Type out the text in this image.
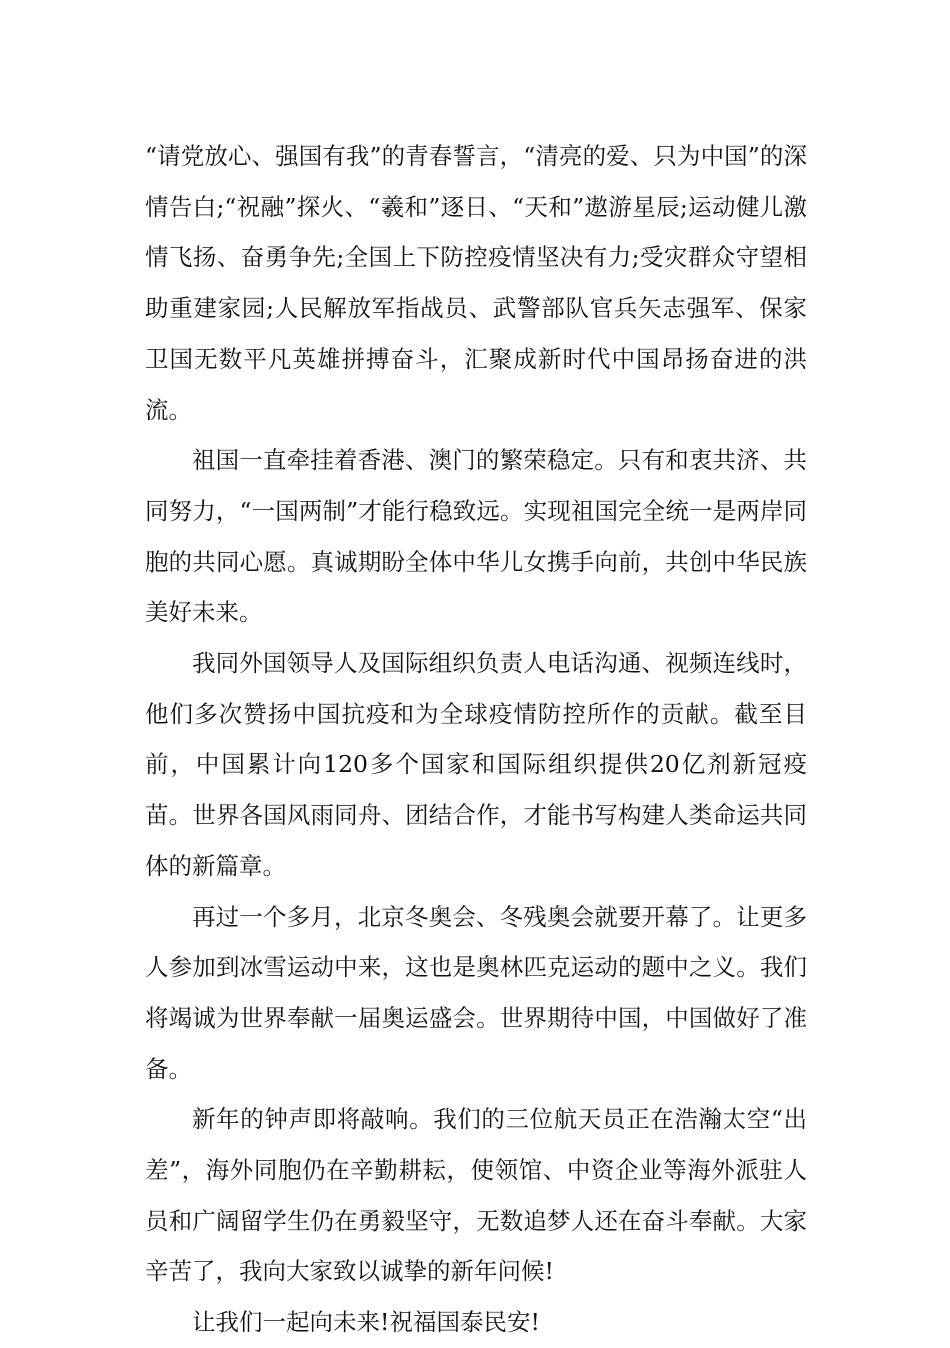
“请党放心、强国有我”的青春誓言，“清亮的爱、只为中国”的深情告白;“祝融”探火、“羲和”逐日、“天和”遨游星辰;运动健儿激情飞扬、奋勇争先;全国上下防控疫情坚决有力;受灾群众守望相助重建家园;人民解放军指战员、武警部队官兵矢志强军、保家卫国无数平凡英雄拼搏奋斗，汇聚成新时代中国昂扬奋进的洪流。

祖国一直牵挂着香港、澳门的繁荣稳定。只有和衷共济、共同努力，“一国两制”才能行稳致远。实现祖国完全统一是两岸同胞的共同心愿。真诚期盼全体中华儿女携手向前，共创中华民族美好未来。

我同外国领导人及国际组织负责人电话沟通、视频连线时，他们多次赞扬中国抗疫和为全球疫情防控所作的贡献。截至目前，中国累计向120多个国家和国际组织提供20亿剂新冠疫苗。世界各国风雨同舟、团结合作，才能书写构建人类命运共同体的新篇章。

再过一个多月，北京冬奥会、冬残奥会就要开幕了。让更多人参加到冰雪运动中来，这也是奥林匹克运动的题中之义。我们将竭诚为世界奉献一届奥运盛会。世界期待中国，中国做好了准备。

新年的钟声即将敲响。我们的三位航天员正在浩瀚太空“出差”，海外同胞仍在辛勤耕耘，使领馆、中资企业等海外派驻人员和广阔留学生仍在勇毅坚守，无数追梦人还在奋斗奉献。大家辛苦了，我向大家致以诚挚的新年问候!

让我们一起向未来!祝福国泰民安!
